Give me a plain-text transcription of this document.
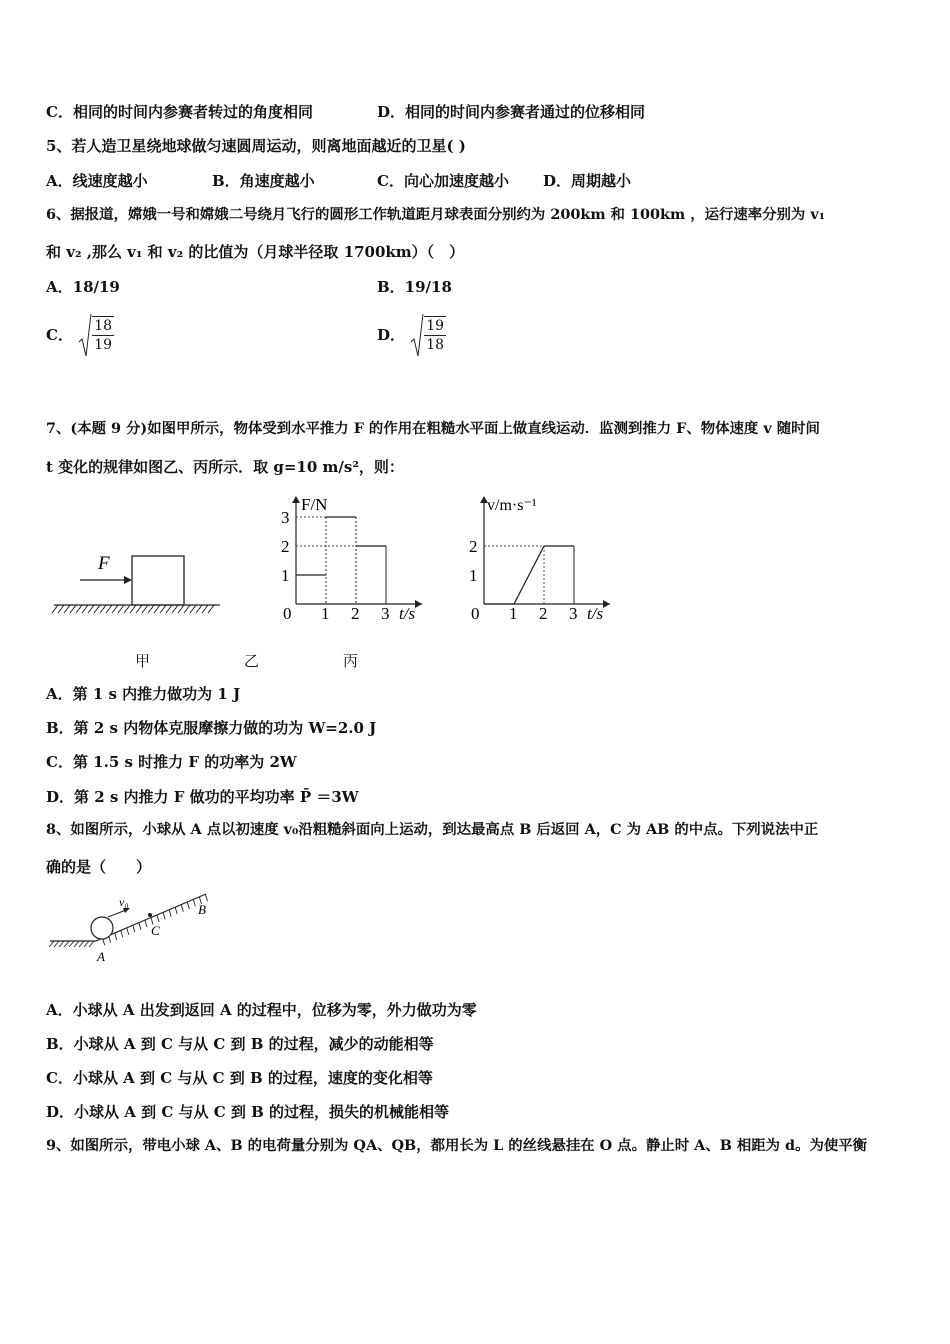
C．相同的时间内参赛者转过的角度相同	D．相同的时间内参赛者通过的位移相同
5、若人造卫星绕地球做匀速圆周运动，则离地面越近的卫星( )
A．线速度越小	B．角速度越小	C．向心加速度越小 D．周期越小
6、据报道，嫦娥一号和嫦娥二号绕月飞行的圆形工作轨道距月球表面分别约为 200km 和 100km ，运行速率分别为 v₁
和 v₂ ,那么 v₁ 和 v₂ 的比值为（月球半径取 1700km）（　）
A．18/19	B．19/18
C． $\frac{18}{19}$	D． $\frac{19}{18}$
7、(本题 9 分)如图甲所示，物体受到水平推力 F 的作用在粗糙水平面上做直线运动．监测到推力 F、物体速度 v 随时间
t 变化的规律如图乙、丙所示．取 g=10 m/s²，则：
F
F/N
t/s
0 1 2 3
1
2
3
v/m·s⁻¹
t/s
0 1 2 3
1
2
甲	乙	丙
A．第 1 s 内推力做功为 1 J
B．第 2 s 内物体克服摩擦力做的功为 W=2.0 J
C．第 1.5 s 时推力 F 的功率为 2W
D．第 2 s 内推力 F 做功的平均功率 P̄ ＝3W
8、如图所示，小球从 A 点以初速度 v₀沿粗糙斜面向上运动，到达最高点 B 后返回 A，C 为 AB 的中点。下列说法中正
确的是（　　）
v₀
C
B
A
A．小球从 A 出发到返回 A 的过程中，位移为零，外力做功为零
B．小球从 A 到 C 与从 C 到 B 的过程，减少的动能相等
C．小球从 A 到 C 与从 C 到 B 的过程，速度的变化相等
D．小球从 A 到 C 与从 C 到 B 的过程，损失的机械能相等
9、如图所示，带电小球 A、B 的电荷量分别为 QA、QB，都用长为 L 的丝线悬挂在 O 点。静止时 A、B 相距为 d。为使平衡
